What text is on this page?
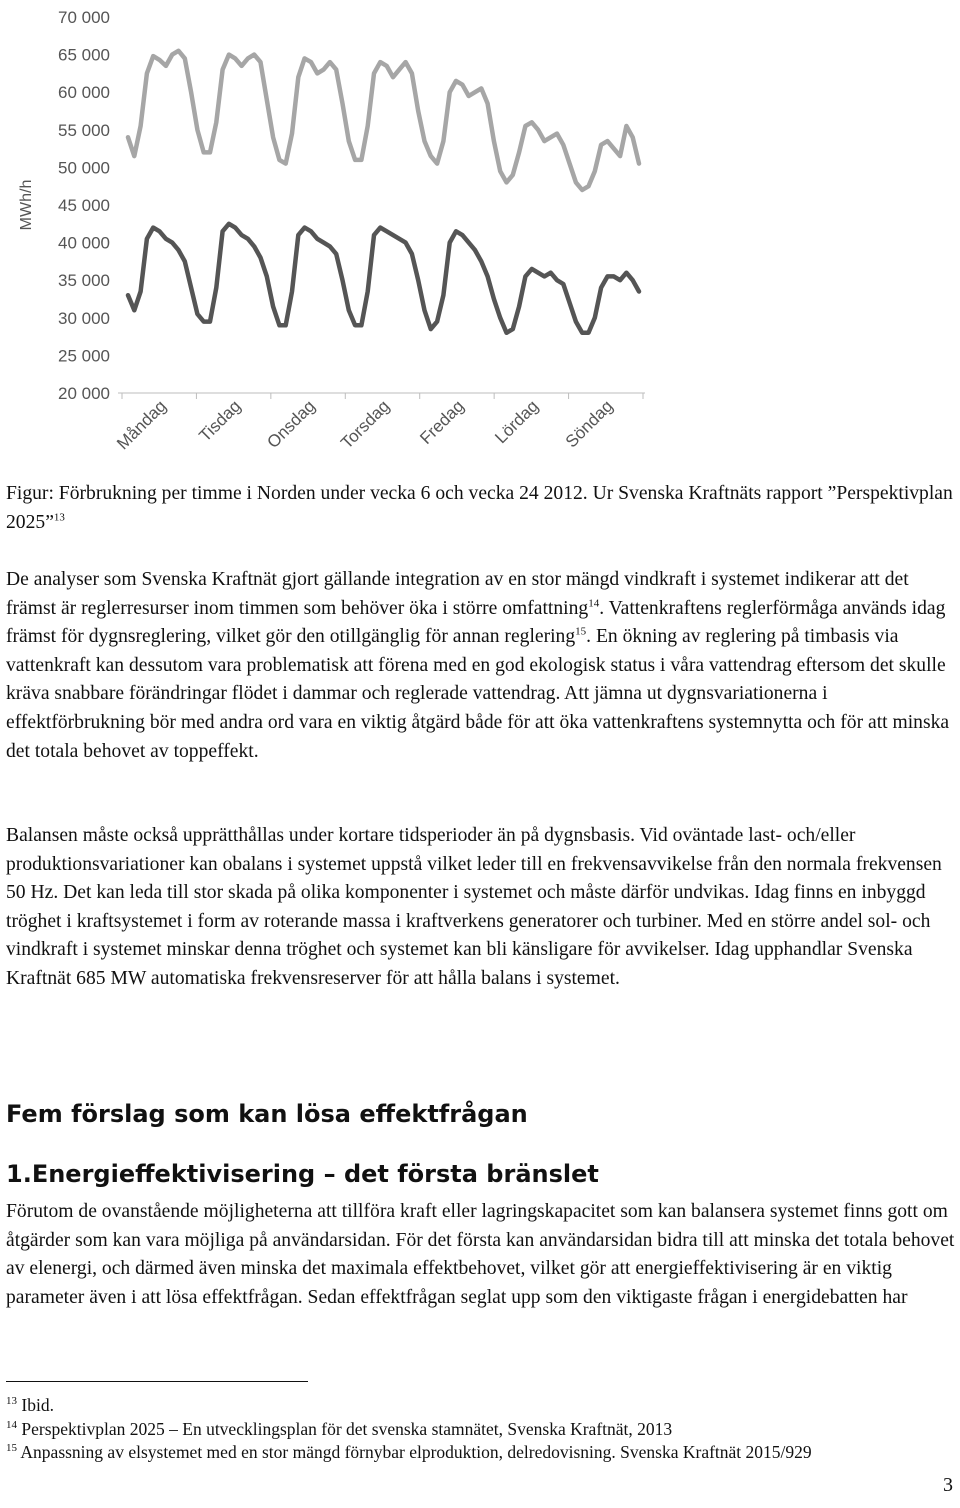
MWh/h
70 000
65 000
60 000
55 000
50 000
45 000
40 000
35 000
30 000
25 000
20 000
Måndag Tisdag Onsdag Torsdag Fredag Lördag Söndag

Figur: Förbrukning per timme i Norden under vecka 6 och vecka 24 2012. Ur Svenska Kraftnäts rapport ”Perspektivplan 2025”$^{13}$

De analyser som Svenska Kraftnät gjort gällande integration av en stor mängd vindkraft i systemet indikerar att det främst är reglerresurser inom timmen som behöver öka i större omfattning$^{14}$. Vattenkraftens reglerförmåga används idag främst för dygnsreglering, vilket gör den otillgänglig för annan reglering$^{15}$. En ökning av reglering på timbasis via vattenkraft kan dessutom vara problematisk att förena med en god ekologisk status i våra vattendrag eftersom det skulle kräva snabbare förändringar flödet i dammar och reglerade vattendrag. Att jämna ut dygnsvariationerna i effektförbrukning bör med andra ord vara en viktig åtgärd både för att öka vattenkraftens systemnytta och för att minska det totala behovet av toppeffekt.

Balansen måste också upprätthållas under kortare tidsperioder än på dygnsbasis. Vid oväntade last- och/eller produktionsvariationer kan obalans i systemet uppstå vilket leder till en frekvensavvikelse från den normala frekvensen 50 Hz. Det kan leda till stor skada på olika komponenter i systemet och måste därför undvikas. Idag finns en inbyggd tröghet i kraftsystemet i form av roterande massa i kraftverkens generatorer och turbiner. Med en större andel sol- och vindkraft i systemet minskar denna tröghet och systemet kan bli känsligare för avvikelser. Idag upphandlar Svenska Kraftnät 685 MW automatiska frekvensreserver för att hålla balans i systemet.

Fem förslag som kan lösa effektfrågan
1.Energieffektivisering – det första bränslet

Förutom de ovanstående möjligheterna att tillföra kraft eller lagringskapacitet som kan balansera systemet finns gott om åtgärder som kan vara möjliga på användarsidan. För det första kan användarsidan bidra till att minska det totala behovet av elenergi, och därmed även minska det maximala effektbehovet, vilket gör att energieffektivisering är en viktig parameter även i att lösa effektfrågan. Sedan effektfrågan seglat upp som den viktigaste frågan i energidebatten har

$^{13}$ Ibid.

$^{14}$ Perspektivplan 2025 – En utvecklingsplan för det svenska stamnätet, Svenska Kraftnät, 2013

$^{15}$ Anpassning av elsystemet med en stor mängd förnybar elproduktion, delredovisning. Svenska Kraftnät 2015/929

3
